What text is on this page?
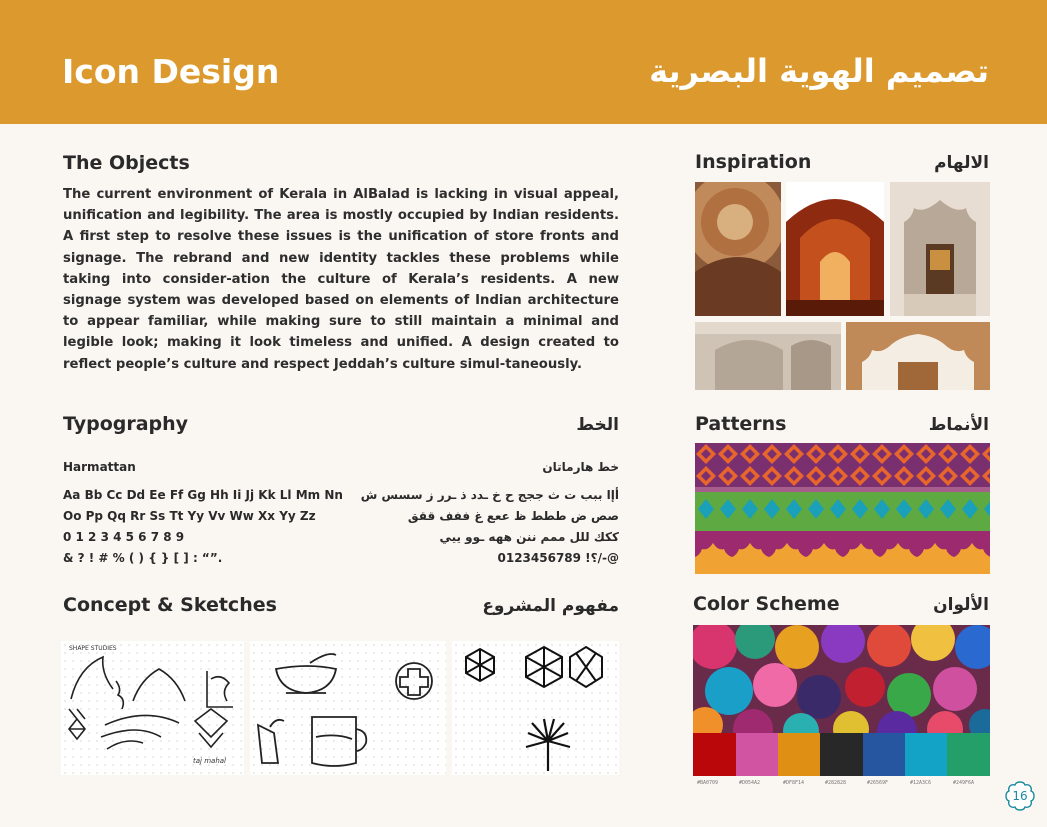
Icon Design	تصميم الهوية البصرية
The Objects
The current environment of Kerala in AlBalad is lacking in visual appeal, unification and legibility. The area is mostly occupied by Indian residents. A first step to resolve these issues is the unification of store fronts and signage. The rebrand and new identity tackles these problems while taking into consider-ation the culture of Kerala’s residents. A new signage system was developed based on elements of Indian architecture to appear familiar, while making sure to still maintain a minimal and legible look; making it look timeless and unified. A design created to reflect people’s culture and respect Jeddah’s culture simul-taneously.
Typography	الخط
Harmattan	خط هارماتان
Aa Bb Cc Dd Ee Ff Gg Hh Ii Jj Kk Ll Mm Nn
Oo Pp Qq Rr Ss Tt Yy Vv Ww Xx Yy Zz
0 1 2 3 4 5 6 7 8 9
& ? ! # % ( ) { } [ ] : “”.
أإا ببب ت ث ججج ح خ ـدد ذ ـرر ز سسس ش
صص ض ططط ظ ععع غ ففف ققق
ككك للل ممم ننن ههه ـوو ييي
0123456789 !؟/-@
Concept & Sketches	مفهوم المشروع
SHAPE STUDIES
taj mahal
Inspiration	الالهام
Patterns	الأنماط
Color Scheme	الألوان
#BA0709	#D054A2	#DF8F14	#282828	#26569F	#12A3C6	#249F6A
16
